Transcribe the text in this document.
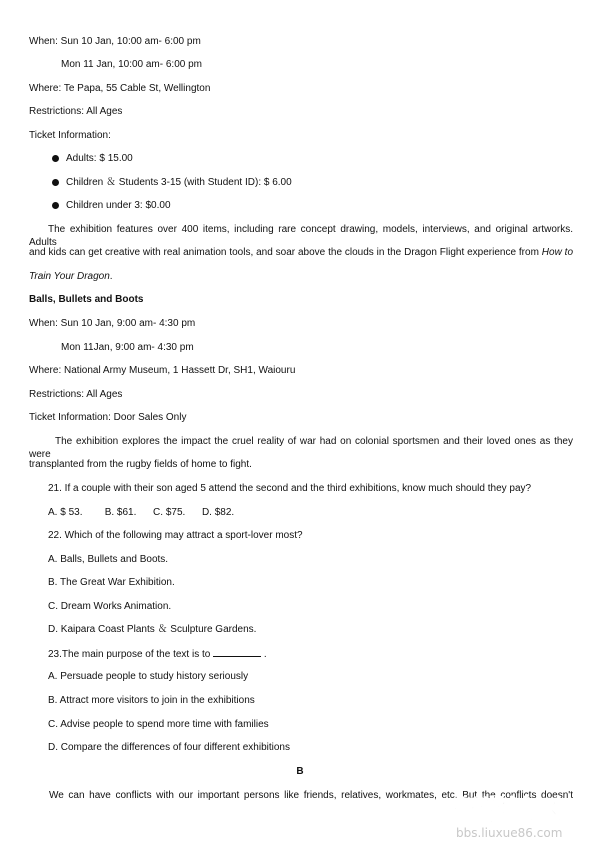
When: Sun 10 Jan, 10:00 am- 6:00 pm
Mon 11 Jan, 10:00 am- 6:00 pm
Where: Te Papa, 55 Cable St, Wellington
Restrictions: All Ages
Ticket Information:
Adults: $ 15.00
Children ＆ Students 3-15 (with Student ID): $ 6.00
Children under 3: $0.00
The exhibition features over 400 items, including rare concept drawing, models, interviews, and original artworks. Adults
and kids can get creative with real animation tools, and soar above the clouds in the Dragon Flight experience from How to
Train Your Dragon.
Balls, Bullets and Boots
When: Sun 10 Jan, 9:00 am- 4:30 pm
Mon 11Jan, 9:00 am- 4:30 pm
Where: National Army Museum, 1 Hassett Dr, SH1, Waiouru
Restrictions: All Ages
Ticket Information: Door Sales Only
The exhibition explores the impact the cruel reality of war had on colonial sportsmen and their loved ones as they were
transplanted from the rugby fields of home to fight.
21. If a couple with their son aged 5 attend the second and the third exhibitions, know much should they pay?
A. $ 53.        B. $61.      C. $75.      D. $82.
22. Which of the following may attract a sport-lover most?
A. Balls, Bullets and Boots.
B. The Great War Exhibition.
C. Dream Works Animation.
D. Kaipara Coast Plants ＆ Sculpture Gardens.
23.The main purpose of the text is to	.
A. Persuade people to study history seriously
B. Attract more visitors to join in the exhibitions
C. Advise people to spend more time with families
D. Compare the differences of four different exhibitions
B
We can have conflicts with our important persons like friends, relatives, workmates, etc. But the conflicts doesn't
留学社区
bbs.liuxue86.com
